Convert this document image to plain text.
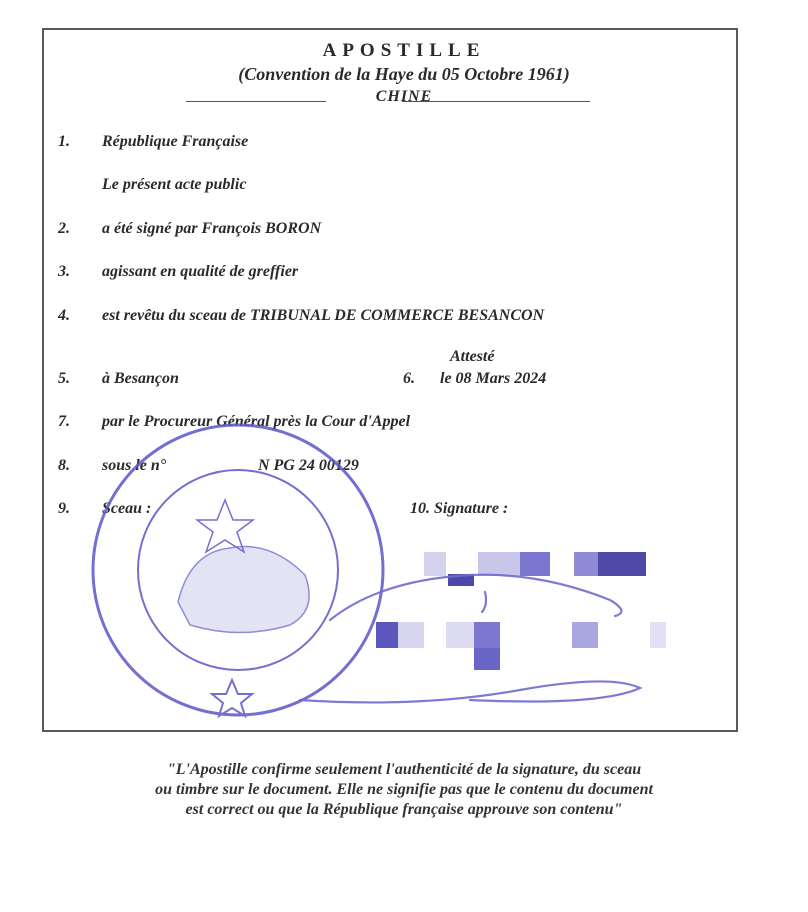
APOSTILLE
(Convention de la Haye du 05 Octobre 1961)
CHINE
1. République Française
Le présent acte public
2. a été signé par François BORON
3. agissant en qualité de greffier
4. est revêtu du sceau de TRIBUNAL DE COMMERCE BESANCON
Attesté
5. à Besançon	6. le 08 Mars 2024
7. par le Procureur Général près la Cour d'Appel
8. sous le n°	N PG 24 00129
9. Sceau :	10. Signature :
"L'Apostille confirme seulement l'authenticité de la signature, du sceau
ou timbre sur le document. Elle ne signifie pas que le contenu du document
est correct ou que la République française approuve son contenu"
